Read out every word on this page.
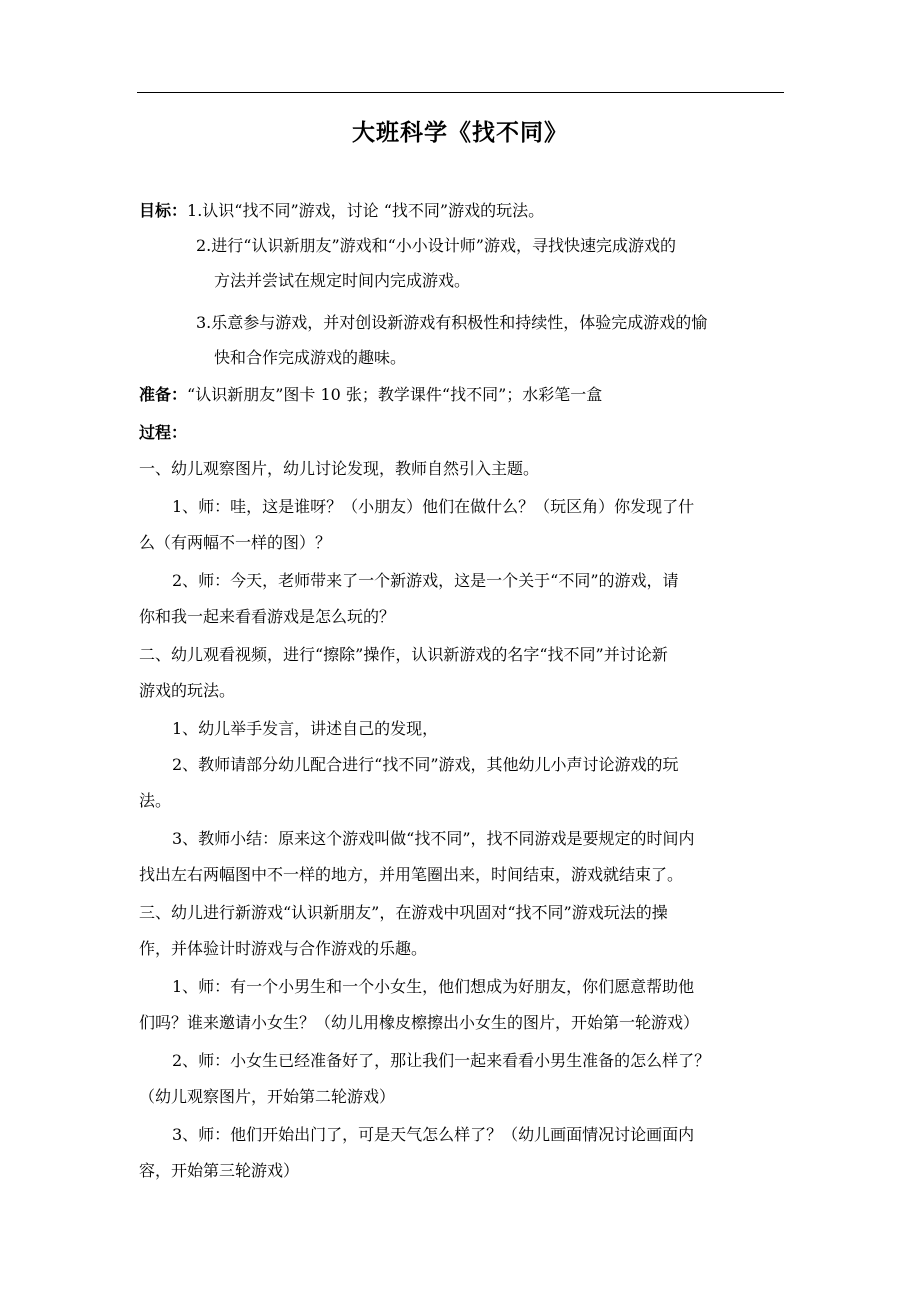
大班科学《找不同》
目标：1.认识“找不同”游戏，讨论 “找不同”游戏的玩法。
2.进行“认识新朋友”游戏和“小小设计师”游戏，寻找快速完成游戏的
方法并尝试在规定时间内完成游戏。
3.乐意参与游戏，并对创设新游戏有积极性和持续性，体验完成游戏的愉
快和合作完成游戏的趣味。
准备：“认识新朋友”图卡 10 张；教学课件“找不同”；水彩笔一盒
过程：
一、幼儿观察图片，幼儿讨论发现，教师自然引入主题。
1、师：哇，这是谁呀？（小朋友）他们在做什么？（玩区角）你发现了什
么（有两幅不一样的图）？
2、师：今天，老师带来了一个新游戏，这是一个关于“不同”的游戏，请
你和我一起来看看游戏是怎么玩的？
二、幼儿观看视频，进行“擦除”操作，认识新游戏的名字“找不同”并讨论新
游戏的玩法。
1、幼儿举手发言，讲述自己的发现，
2、教师请部分幼儿配合进行“找不同”游戏，其他幼儿小声讨论游戏的玩
法。
3、教师小结：原来这个游戏叫做“找不同”，找不同游戏是要规定的时间内
找出左右两幅图中不一样的地方，并用笔圈出来，时间结束，游戏就结束了。
三、幼儿进行新游戏“认识新朋友”，在游戏中巩固对“找不同”游戏玩法的操
作，并体验计时游戏与合作游戏的乐趣。
1、师：有一个小男生和一个小女生，他们想成为好朋友，你们愿意帮助他
们吗？谁来邀请小女生？（幼儿用橡皮檫擦出小女生的图片，开始第一轮游戏）
2、师：小女生已经准备好了，那让我们一起来看看小男生准备的怎么样了？
（幼儿观察图片，开始第二轮游戏）
3、师：他们开始出门了，可是天气怎么样了？（幼儿画面情况讨论画面内
容，开始第三轮游戏）
